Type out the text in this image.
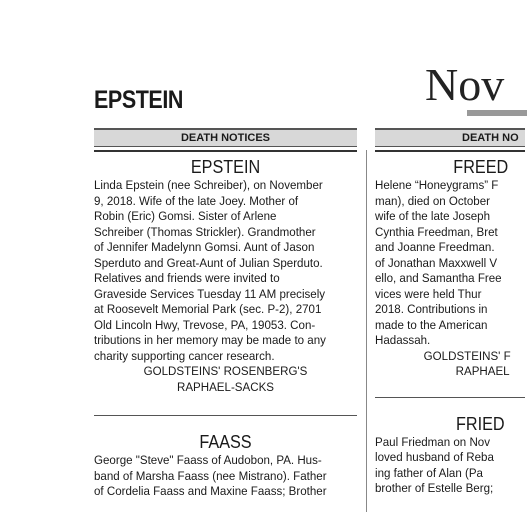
EPSTEIN	Nov
DEATH NOTICES
EPSTEIN
Linda Epstein (nee Schreiber), on November
9, 2018. Wife of the late Joey. Mother of
Robin (Eric) Gomsi. Sister of Arlene
Schreiber (Thomas Strickler). Grandmother
of Jennifer Madelynn Gomsi. Aunt of Jason
Sperduto and Great-Aunt of Julian Sperduto.
Relatives and friends were invited to
Graveside Services Tuesday 11 AM precisely
at Roosevelt Memorial Park (sec. P-2), 2701
Old Lincoln Hwy, Trevose, PA, 19053. Con-
tributions in her memory may be made to any
charity supporting cancer research.
GOLDSTEINS' ROSENBERG'S
RAPHAEL-SACKS
FAASS
George "Steve" Faass of Audobon, PA. Hus-
band of Marsha Faass (nee Mistrano). Father
of Cordelia Faass and Maxine Faass; Brother
DEATH NO
FREED
Helene “Honeygrams” F
man), died on October
wife of the late Joseph
Cynthia Freedman, Bret
and Joanne Freedman.
of Jonathan Maxxwell V
ello, and Samantha Free
vices were held Thur
2018. Contributions in
made to the American
Hadassah.
GOLDSTEINS' F
RAPHAEL
FRIED
Paul Friedman on Nov
loved husband of Reba
ing father of Alan (Pa
brother of Estelle Berg;
